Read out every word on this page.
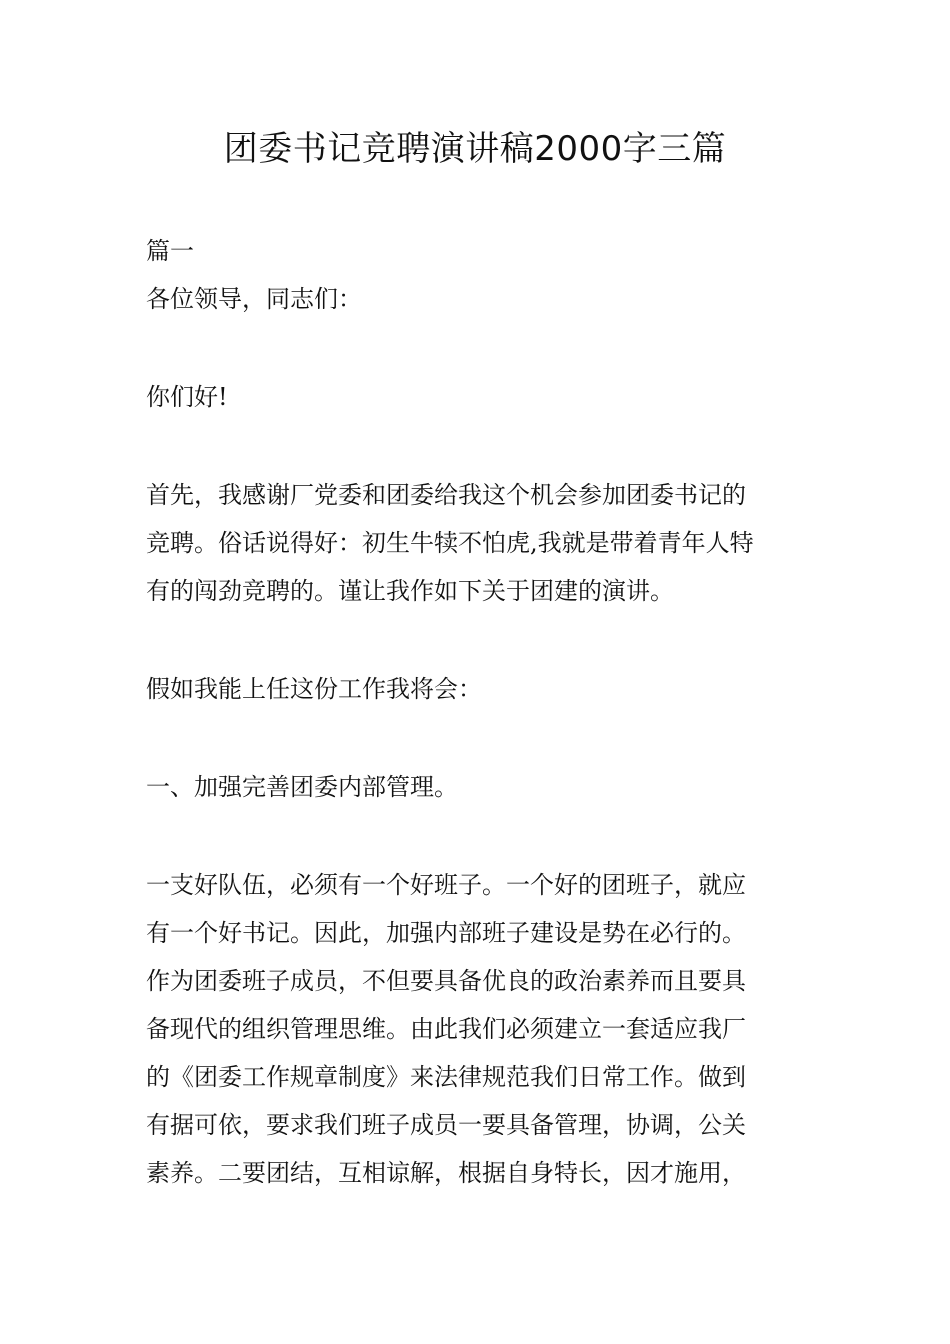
团委书记竞聘演讲稿2000字三篇
篇一
各位领导，同志们：
你们好!
首先，我感谢厂党委和团委给我这个机会参加团委书记的
竞聘。俗话说得好：初生牛犊不怕虎,我就是带着青年人特
有的闯劲竞聘的。谨让我作如下关于团建的演讲。
假如我能上任这份工作我将会：
一、加强完善团委内部管理。
一支好队伍，必须有一个好班子。一个好的团班子，就应
有一个好书记。因此，加强内部班子建设是势在必行的。
作为团委班子成员，不但要具备优良的政治素养而且要具
备现代的组织管理思维。由此我们必须建立一套适应我厂
的《团委工作规章制度》来法律规范我们日常工作。做到
有据可依，要求我们班子成员一要具备管理，协调，公关
素养。二要团结，互相谅解，根据自身特长，因才施用，
